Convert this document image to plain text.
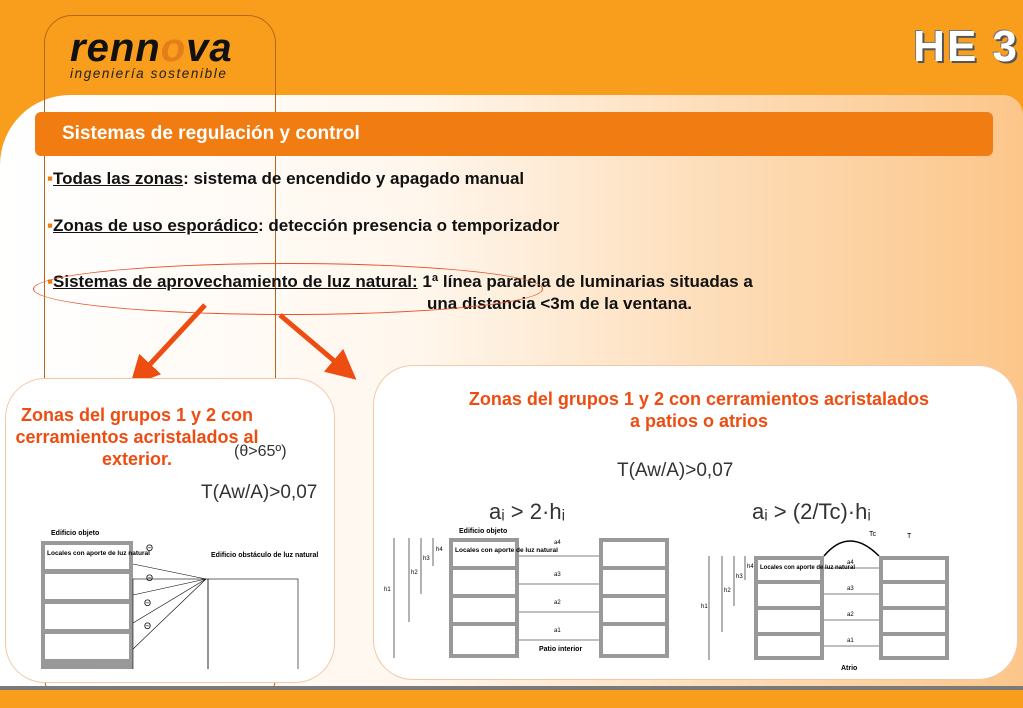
rennova
ingeniería sostenible
HE 3
Sistemas de regulación y control
▪Todas las zonas: sistema de encendido y apagado manual
▪Zonas de uso esporádico: detección presencia o temporizador
▪Sistemas de aprovechamiento de luz natural: 1ª línea paralela de luminarias situadas a
una distancia <3m de la ventana.
Zonas del grupos 1 y 2 con cerramientos acristalados al exterior.	(θ>65º)
T(Aw/A)>0,07
Edificio objeto
Locales con aporte de luz natural
Θ
Θ
Θ
Θ
Edificio obstáculo de luz natural
Zonas del grupos 1 y 2 con cerramientos acristalados a patios o atrios
T(Aw/A)>0,07
aᵢ > 2·hᵢ	aᵢ > (2/Tc)·hᵢ
Edificio objeto
Locales con aporte de luz natural
a4
a3
a2
a1
h4
h3
h2
h1
Patio interior
Locales con aporte de luz natural
a4
a3
a2
a1
h4
h3
h2
h1
Atrio
Tc	T
